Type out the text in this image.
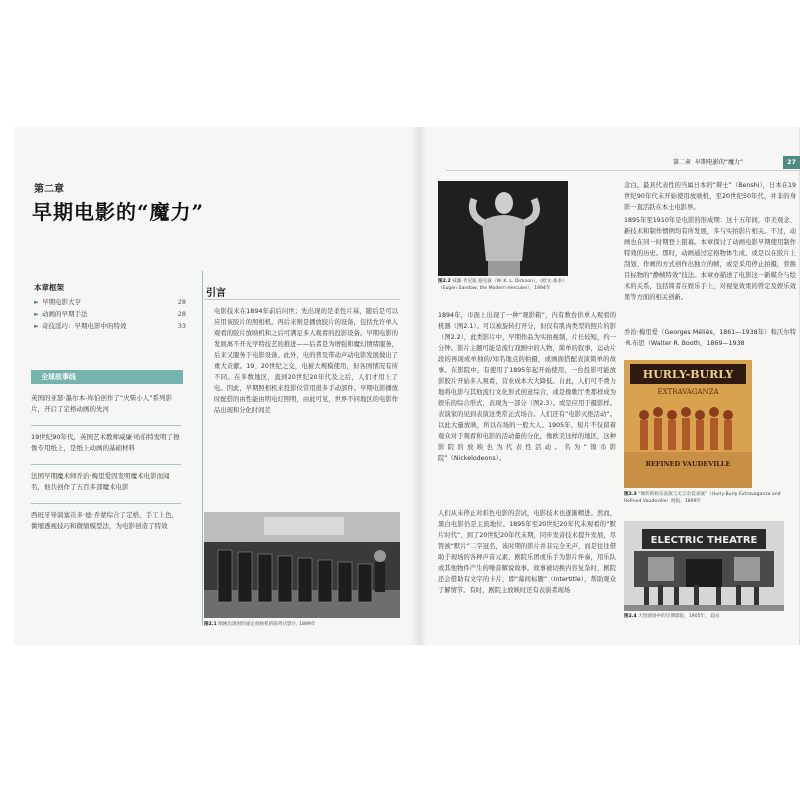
第二章
早期电影的“魔力”
本章框架
► 早期电影大亨	28
► 动画的早期手法	28
► 奇技淫巧：早期电影中的特效	33
全球故事线
英国的亚瑟·墨尔本-库伯创作了“火柴小人”系列影片，开启了定格动画的先河
19世纪90年代，英国艺术教师威廉·哈伯特发明了擦像专用纸上，是纸上动画的基础材料
法国早期魔术师乔治·梅里爱因发明魔术电影而闻名，他共创作了五百多部魔术电影
西班牙导演塞贡多·德·乔蒙综合了定格、手工上色，微缩透视技巧和微缩模型法，为电影创造了特效
引言
电影技术在1894年前后问世；先出现的是柔性片基，随后是可以应用该胶片的照相机。再后来则是播放胶片的设备，包括允许单人观看的胶片放映机和之后可满足多人观看的投影设备。早期电影的发展离不开光学特技艺的推进——后者是为增强和魔幻情绪服务，后来又服务于电影设备。此外，电的普及带动声动电影发展做出了重大贡献。19、20世纪之交，电被大规模使用，但各国情况有所不同。在多数地区，直到20世纪20年代及之后，人们才用上了电。因此，早期照相机来投影仪常用很多手动部件。早期电影播放时配搭的由性能由明电灯照明，由此可见，世界不同地区的电影作品出现和分化时间差
图2.1 刚刚出现时的固定放映机的陈列店影片, 1899年
第二章 早期电影的“魔力”	27
图2.2 威廉·肯尼迪·迪克森（W. K. L. Dickson），《欧文·桑多》（Eugen Sandow, the Modern Hercules），1894年
1894年，市面上出现了一种“观影箱”，内有数台供单人观看的机器（图2.1）。可以被旋转打开分，但仅有肌肉类型的照片的影（图2.2），此类影片中，早期作品为实拍视频，片长较短，约一分钟。影片主题可能是流行戏剧中的人物，简单的叙事，运动片段的再现或单独的/知名地点的拍摄，或画面搭配表演简单的故事。在影院中，有使用了1895年起开始使用，一台投影可能放影胶片开始多人观看，营业成本大大降低。自此，人们可不费力地将电影与其他流行文化形式创意综合，或是像歌厅类那样成为娱乐的综合形式，表现为一部分（图2.3）。或是应用于摄影样。表演家的见到表演这类常正式场合。人们还有“电影灭绝活动”。以此大量放映，所以在场的一般大人。1905年，短片不仅留着观众对于观看和电影的活动量的分化，像欧美这样的地区，这种影院的放映也为代表性活动。名为“镍币影院”（Nickelodeons）。
人们从未停止对彩色电影的尝试，电影技术也逐渐精进。然而，黑白电影仍是主流地位。1895年至20世纪20年代末观看的“默片时代”，到了20世纪20年代末期，同步发音技术提升发展，尽管被“默片”二字冠名，该时期的影片并非完全无声，而是往往借助于现场的各种声音元素、剧院乐团或乐手为影片伴奏，用乐队或其他物件产生的噪音解说故事。故事被切换内容复杂时，剧院还会借助有文字的卡片，即“幕间标题”（Intertitle），帮助观众了解情节。有时，剧院主放映时还有表演者现场
念白。最具代表性的当属日本的“辩士”（Benshi），日本在19世纪90年代末开始使用放映机，至20世纪50年代，并非的身影一直活跃在本土电影界。
1895年至1910年是电影的形成期：这十五年间，审美观念、新技术和制作惯例均有所发展，多与实拍影片相关。不过，动画也在同一时期登上银幕。本章探讨了动画电影早期使用制作特效的历史。那时，动画通过定格物体生成、或是以在胶片上刮划、作画的方式创作出独立的帧，或是采用停止拍摄，替换目标物的“静帧特效”技法。本章亦描述了电影这一新媒介与绘术的关系，包括简者在娱乐手上，对视觉效果的曾定及娱乐效果等方面的相关创新。
乔治·梅里爱（Georges Méliès，1861—1938年）和沃尔特·R.布思（Walter R. Booth，1869—1938
HURLY-BURLY
EXTRAVAGANZA
REFINED VAUDEVILLE
图2.3 “爆炸的娱乐表演与无言杂技表演”（Hurly-Burly Extravaganza and Refined Vaudeville）海报，1899年
ELECTRIC THEATRE
图2.4 大型剧场中的早期影院，1905年，美国
